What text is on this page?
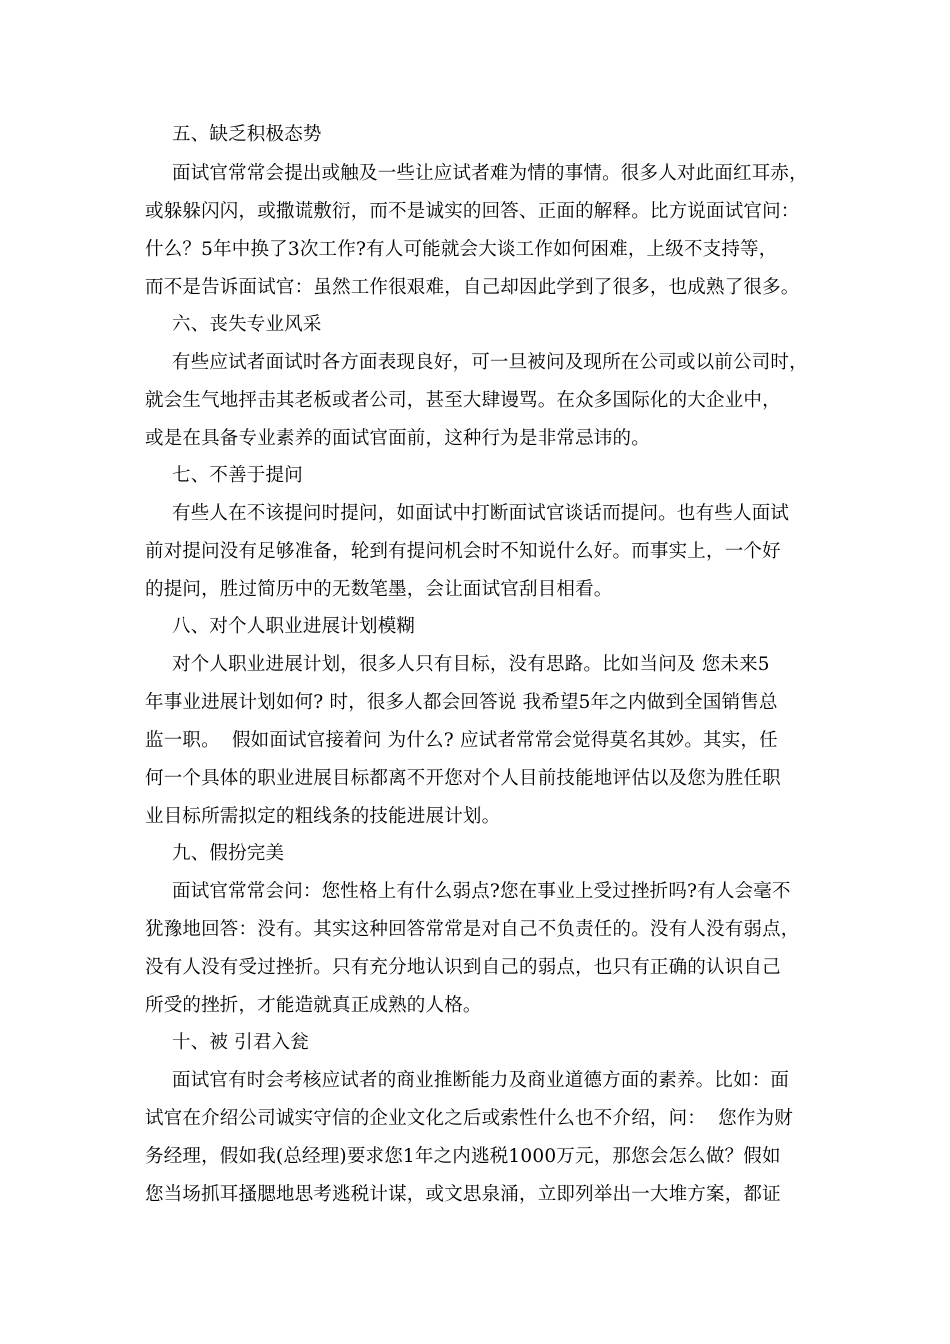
五、缺乏积极态势
面试官常常会提出或触及一些让应试者难为情的事情。很多人对此面红耳赤，
或躲躲闪闪，或撒谎敷衍，而不是诚实的回答、正面的解释。比方说面试官问：
什么？5年中换了3次工作?有人可能就会大谈工作如何困难，上级不支持等，
而不是告诉面试官：虽然工作很艰难，自己却因此学到了很多，也成熟了很多。
六、丧失专业风采
有些应试者面试时各方面表现良好，可一旦被问及现所在公司或以前公司时，
就会生气地抨击其老板或者公司，甚至大肆谩骂。在众多国际化的大企业中，
或是在具备专业素养的面试官面前，这种行为是非常忌讳的。
七、不善于提问
有些人在不该提问时提问，如面试中打断面试官谈话而提问。也有些人面试
前对提问没有足够准备，轮到有提问机会时不知说什么好。而事实上，一个好
的提问，胜过简历中的无数笔墨，会让面试官刮目相看。
八、对个人职业进展计划模糊
对个人职业进展计划，很多人只有目标，没有思路。比如当问及 您未来5
年事业进展计划如何? 时，很多人都会回答说 我希望5年之内做到全国销售总
监一职。  假如面试官接着问 为什么? 应试者常常会觉得莫名其妙。其实，任
何一个具体的职业进展目标都离不开您对个人目前技能地评估以及您为胜任职
业目标所需拟定的粗线条的技能进展计划。
九、假扮完美
面试官常常会问：您性格上有什么弱点?您在事业上受过挫折吗?有人会毫不
犹豫地回答：没有。其实这种回答常常是对自己不负责任的。没有人没有弱点，
没有人没有受过挫折。只有充分地认识到自己的弱点，也只有正确的认识自己
所受的挫折，才能造就真正成熟的人格。
十、被 引君入瓮
面试官有时会考核应试者的商业推断能力及商业道德方面的素养。比如：面
试官在介绍公司诚实守信的企业文化之后或索性什么也不介绍，问：  您作为财
务经理，假如我(总经理)要求您1年之内逃税1000万元，那您会怎么做？假如
您当场抓耳搔腮地思考逃税计谋，或文思泉涌，立即列举出一大堆方案，都证
